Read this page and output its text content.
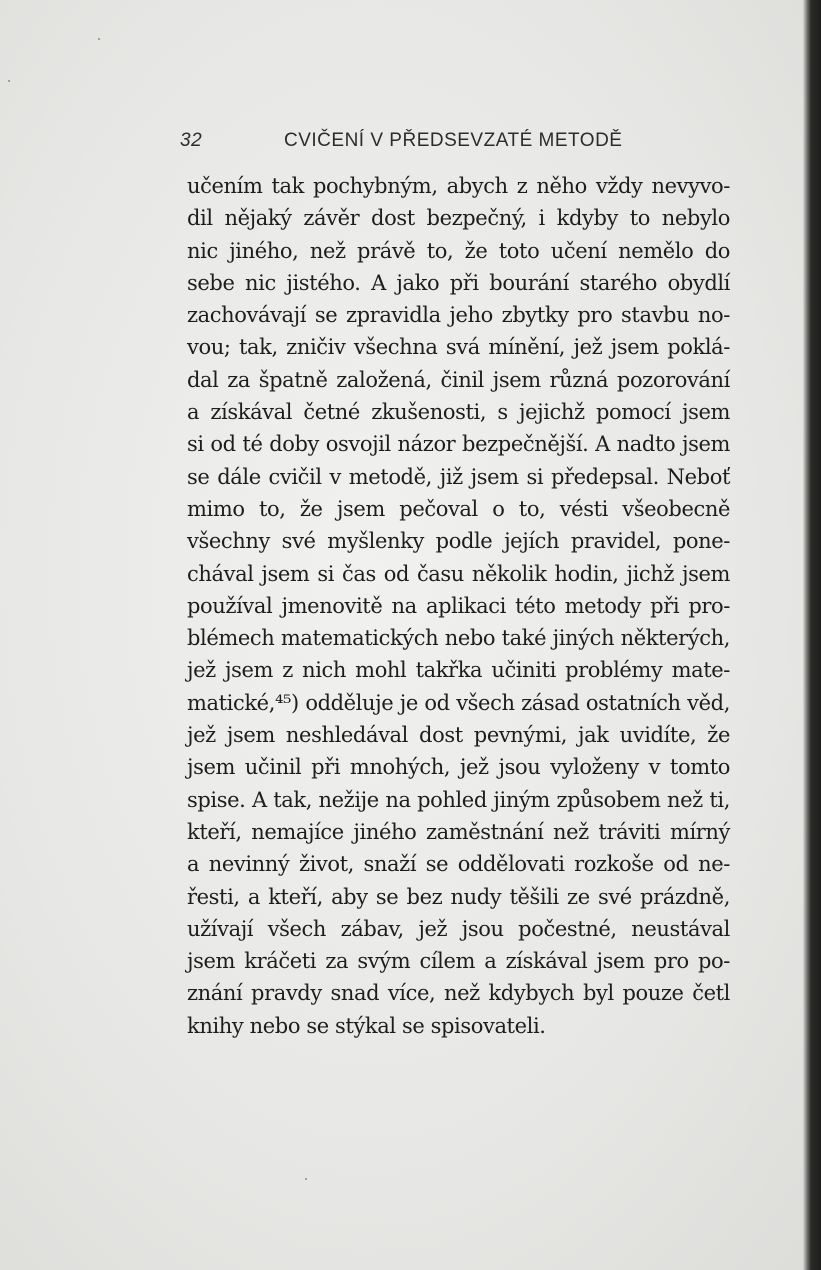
32	CVIČENÍ V PŘEDSEVZATÉ METODĚ
učením tak pochybným, abych z něho vždy nevyvo-
dil nějaký závěr dost bezpečný, i kdyby to nebylo
nic jiného, než právě to, že toto učení nemělo do
sebe nic jistého. A jako při bourání starého obydlí
zachovávají se zpravidla jeho zbytky pro stavbu no-
vou; tak, zničiv všechna svá mínění, jež jsem poklá-
dal za špatně založená, činil jsem různá pozorování
a získával četné zkušenosti, s jejichž pomocí jsem
si od té doby osvojil názor bezpečnější. A nadto jsem
se dále cvičil v metodě, již jsem si předepsal. Neboť
mimo to, že jsem pečoval o to, vésti všeobecně
všechny své myšlenky podle jejích pravidel, pone-
chával jsem si čas od času několik hodin, jichž jsem
používal jmenovitě na aplikaci této metody při pro-
blémech matematických nebo také jiných některých,
jež jsem z nich mohl takřka učiniti problémy mate-
matické,⁴⁵) odděluje je od všech zásad ostatních věd,
jež jsem neshledával dost pevnými, jak uvidíte, že
jsem učinil při mnohých, jež jsou vyloženy v tomto
spise. A tak, nežije na pohled jiným způsobem než ti,
kteří, nemajíce jiného zaměstnání než tráviti mírný
a nevinný život, snaží se oddělovati rozkoše od ne-
řesti, a kteří, aby se bez nudy těšili ze své prázdně,
užívají všech zábav, jež jsou počestné, neustával
jsem kráčeti za svým cílem a získával jsem pro po-
znání pravdy snad více, než kdybych byl pouze četl
knihy nebo se stýkal se spisovateli.
